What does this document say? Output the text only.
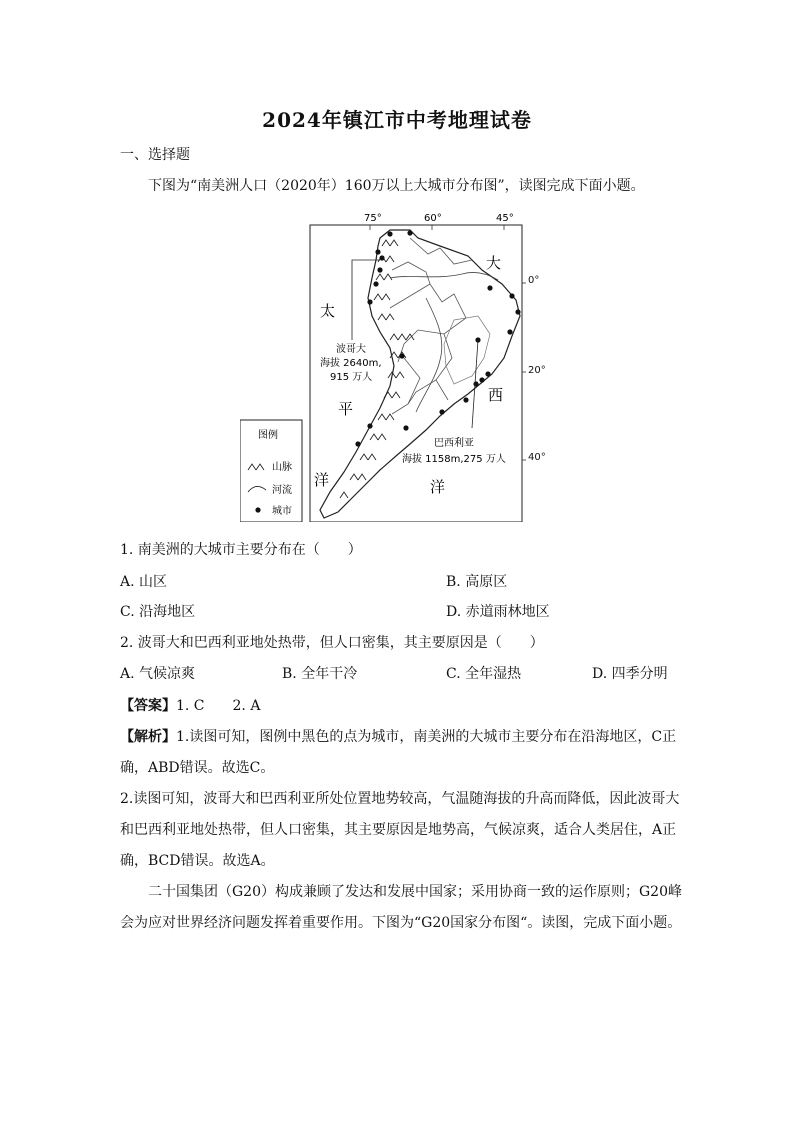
2024年镇江市中考地理试卷
一、选择题
下图为“南美洲人口（2020年）160万以上大城市分布图”，读图完成下面小题。
75°	60°	45°
太
平
洋
大
西
洋
波哥大
海拔 2640m,
915 万人
巴西利亚
海拔 1158m,275 万人
图例
山脉
河流
城市
0°
20°
40°
1. 南美洲的大城市主要分布在（　　）
A. 山区	B. 高原区
C. 沿海地区	D. 赤道雨林地区
2. 波哥大和巴西利亚地处热带，但人口密集，其主要原因是（　　）
A. 气候凉爽	B. 全年干冷	C. 全年湿热	D. 四季分明
【答案】1. C　　2. A
【解析】1.读图可知，图例中黑色的点为城市，南美洲的大城市主要分布在沿海地区，C正
确，ABD错误。故选C。
2.读图可知，波哥大和巴西利亚所处位置地势较高，气温随海拔的升高而降低，因此波哥大
和巴西利亚地处热带，但人口密集，其主要原因是地势高，气候凉爽，适合人类居住，A正
确，BCD错误。故选A。
二十国集团（G20）构成兼顾了发达和发展中国家；采用协商一致的运作原则；G20峰
会为应对世界经济问题发挥着重要作用。下图为“G20国家分布图“。读图，完成下面小题。
